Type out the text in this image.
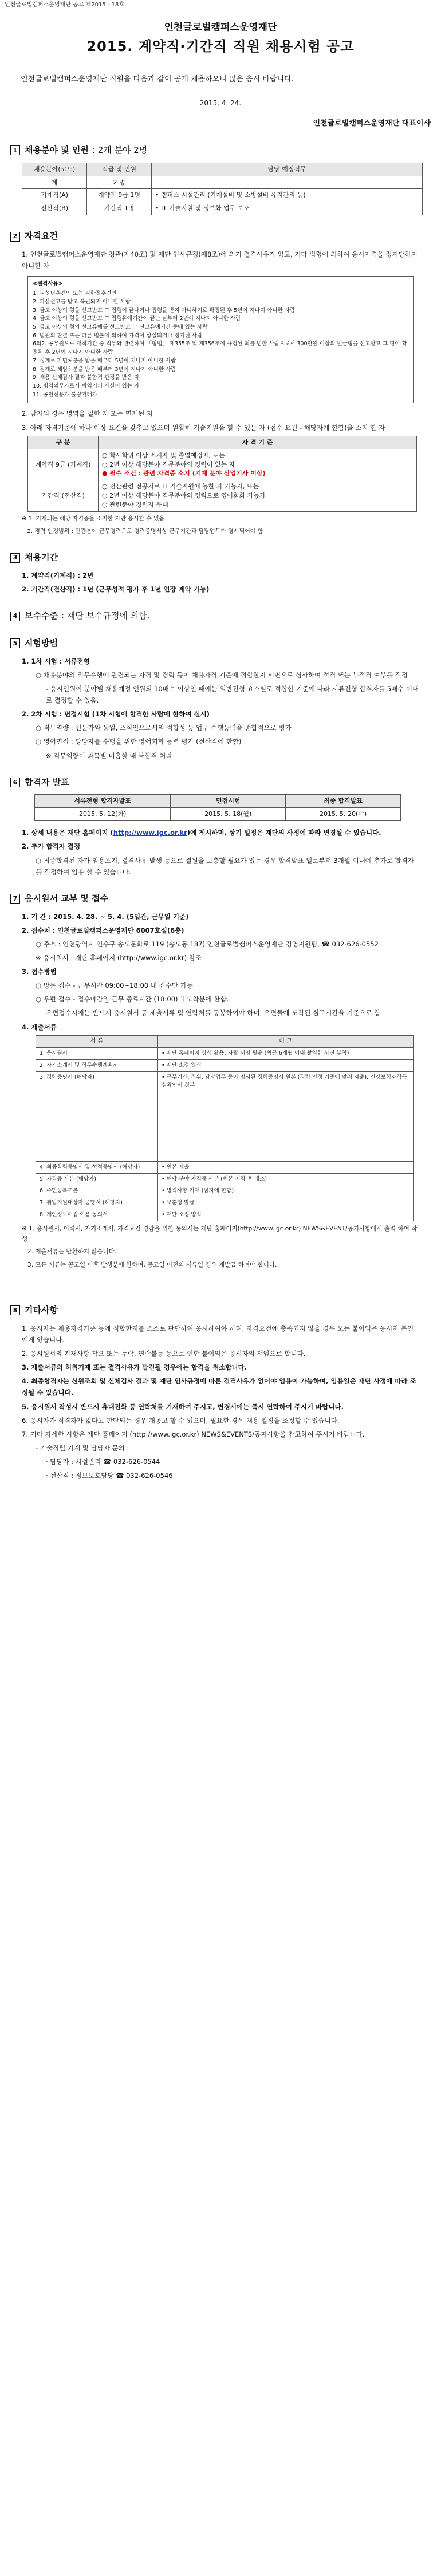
인천글로벌캠퍼스운영재단 공고 제2015 - 18호
인천글로벌캠퍼스운영재단
2015. 계약직·기간직 직원 채용시험 공고
인천글로벌캠퍼스운영재단 직원을 다음과 같이 공개 채용하오니 많은 응시 바랍니다.
2015. 4. 24.
인천글로벌캠퍼스운영재단 대표이사
1 채용분야 및 인원 : 2개 분야 2명
채용분야(코드)	직급 및 인원	담당 예정직무
계	2 명	
기계직(A)	계약직 9급 1명	• 캠퍼스 시설관리 (기계설비 및 소방설비 유지관리 등)
전산직(B)	기간직 1명	• IT 기술지원 및 정보화 업무 보조
2 자격요건
1. 인천글로벌캠퍼스운영재단 정관(제40조) 및 재단 인사규정(제8조)에 의거 결격사유가 없고, 기타 법령에 의하여 응시자격을 정지당하지 아니한 자
<결격사유>
1. 피성년후견인 또는 피한정후견인
2. 파산선고를 받고 복권되지 아니한 사람
3. 금고 이상의 형을 선고받고 그 집행이 끝나거나 집행을 받지 아니하기로 확정된 후 5년이 지나지 아니한 사람
4. 금고 이상의 형을 선고받고 그 집행유예기간이 끝난 날부터 2년이 지나지 아니한 사람
5. 금고 이상의 형의 선고유예를 선고받고 그 선고유예기간 중에 있는 사람
6. 법원의 판결 또는 다른 법률에 의하여 자격이 상실되거나 정지된 사람
6의2. 공무원으로 재직기간 중 직무와 관련하여 「형법」 제355조 및 제356조에 규정된 죄를 범한 사람으로서 300만원 이상의 벌금형을 선고받고 그 형이 확정된 후 2년이 지나지 아니한 사람
7. 징계로 파면처분을 받은 때부터 5년이 지나지 아니한 사람
8. 징계로 해임처분을 받은 때부터 3년이 지나지 아니한 사람
9. 채용 신체검사 결과 불합격 판정을 받은 자
10. 병역의무자로서 병역기피 사실이 있는 자
11. 공인신용자 불량거래자
2. 남자의 경우 병역을 필한 자 또는 면제된 자
3. 아래 자격기준에 하나 이상 요건을 갖추고 있으며 원활히 기술지원을 할 수 있는 자 (접수 요건 - 해당자에 한함)을 소지 한 자
구 분	자 격 기 준
계약직 9급 (기계직)	○ 학사학위 이상 소지자 및 졸업예정자, 또는
○ 2년 이상 해당분야 직무분야의 경력이 있는 자
● 필수 조건 : 관련 자격증 소지 (기계 분야 산업기사 이상)

기간직 (전산직)	○ 전산관련 전공자로 IT 기술지원에 능한 자 가능자, 또는
○ 2년 이상 해당분야 직무분야의 경력으로 영어회화 가능자
○ 관련분야 경력자 우대
※ 1. 기재되는 해당 자격증을 소지한 자만 응시할 수 있음.
2. 경력 인정범위 : 민간분야 근무경력으로 경력증명서상 근무기간과 담당업무가 명시되어야 함
3 채용기간
1. 계약직(기계직) : 2년
2. 기간직(전산직) : 1년 (근무성적 평가 후 1년 연장 계약 가능)
4 보수수준 : 재단 보수규정에 의함.
5 시험방법
1. 1차 시험 : 서류전형
○ 채용분야의 직무수행에 관련되는 자격 및 경력 등이 채용자격 기준에 적합한지 서면으로 심사하여 적격 또는 부적격 여부를 결정
- 응시인원이 분야별 채용예정 인원의 10배수 이상인 때에는 일반전형 요소별로 적합한 기준에 따라 서류전형 합격자를 5배수 이내로 결정할 수 있음.
2. 2차 시험 : 면접시험 (1차 시험에 합격한 사람에 한하여 실시)
○ 직무역량 : 전문가와 동일, 조직인으로서의 적합성 등 업무 수행능력을 종합적으로 평가
○ 영어면접 : 당당자를 수행을 위한 영어회화 능력 평가 (전산직에 한함)
※ 직무역량이 과목별 미흡할 때 불합격 처리
6 합격자 발표
서류전형 합격자발표	면접시험	최종 합격발표
2015. 5. 12(화)	2015. 5. 18(월)	2015. 5. 20(수)
1. 상세 내용은 재단 홈페이지 (http://www.igc.or.kr)에 게시하며, 상기 일정은 재단의 사정에 따라 변경될 수 있습니다.
2. 추가 합격자 결정
○ 최종합격된 자가 임용포기, 결격사유 발생 등으로 결원을 보충할 필요가 있는 경우 합격발표 일로부터 3개월 이내에 추가로 합격자를 결정하여 임용 할 수 있습니다.
7 응시원서 교부 및 접수
1. 기 간 : 2015. 4. 28. ~ 5. 4. (5일간, 근무일 기준)
2. 접수처 : 인천글로벌캠퍼스운영재단 6007호실(6층)
○ 주소 : 인천광역시 연수구 송도문화로 119 (송도동 187) 인천글로벌캠퍼스운영재단 경영지원팀, ☎ 032-626-0552
※ 응시원서 : 재단 홈페이지 (http://www.igc.or.kr) 참조
3. 접수방법
○ 방문 접수 - 근무시간 09:00~18:00 내 접수만 가능
○ 우편 접수 - 접수마감일 근무 종료시간 (18:00)내 도착분에 한함.
우편접수시에는 반드시 응시원서 등 제출서류 및 연락처를 동봉하여야 하며, 우편물에 도착된 실무시간을 기준으로 함
4. 제출서류
서 류	비 고
1. 응시원서	• 재단 홈페이지 양식 활용, 자필 서명 필수 (최근 6개월 이내 촬영한 사진 부착)
2. 자기소개서 및 직무수행계획서	• 재단 소정 양식
3. 경력증명서 (해당자)	• 근무기간, 직위, 담당업무 등이 명시된 경력증명서 원본 (경력 인정 기준에 맞춰 제출), 건강보험자격득실확인서 첨부
4. 최종학력증명서 및 성적증명서 (해당자)	• 원본 제출
5. 자격증 사본 (해당자)	• 해당 분야 자격증 사본 (원본 지참 후 대조)
6. 주민등록초본	• 병적사항 기재 (남자에 한함)
7. 취업지원대상자 증명서 (해당자)	• 보훈청 발급
8. 개인정보수집·이용 동의서	• 재단 소정 양식
※ 1. 응시원서, 이력서, 자기소개서, 자격요건 경감을 위한 동의서는 재단 홈페이지(http://www.igc.or.kr) NEWS&EVENT/공지사항에서 출력 하여 작성
2. 제출서류는 반환하지 않습니다.
3. 모든 서류는 공고일 이후 발행분에 한하며, 공고일 이전의 서류일 경우 재발급 하여야 합니다.
8 기타사항
1. 응시자는 채용자격기준 등에 적합한지를 스스로 판단하여 응시하여야 하며, 자격요건에 충족되지 않을 경우 모든 불이익은 응시자 본인에게 있습니다.
2. 응시원서의 기재사항 착오 또는 누락, 연락불능 등으로 인한 불이익은 응시자의 책임으로 합니다.
3. 제출서류의 허위기재 또는 결격사유가 발견될 경우에는 합격을 취소합니다.
4. 최종합격자는 신원조회 및 신체검사 결과 및 재단 인사규정에 따른 결격사유가 없어야 임용이 가능하며, 임용일은 재단 사정에 따라 조정될 수 있습니다.
5. 응시원서 작성시 반드시 휴대전화 등 연락처를 기재하여 주시고, 변경시에는 즉시 연락하여 주시기 바랍니다.
6. 응시자가 적격자가 없다고 판단되는 경우 재공고 할 수 있으며, 필요한 경우 채용 일정을 조정할 수 있습니다.
7. 기타 자세한 사항은 재단 홈페이지 (http://www.igc.or.kr) NEWS&EVENTS/공지사항을 참고하여 주시기 바랍니다.
- 기술직렬 기계 및 담당자 문의 :
· 담당자 : 시설관리 ☎ 032-626-0544
· 전산직 : 정보보호담당 ☎ 032-626-0546
